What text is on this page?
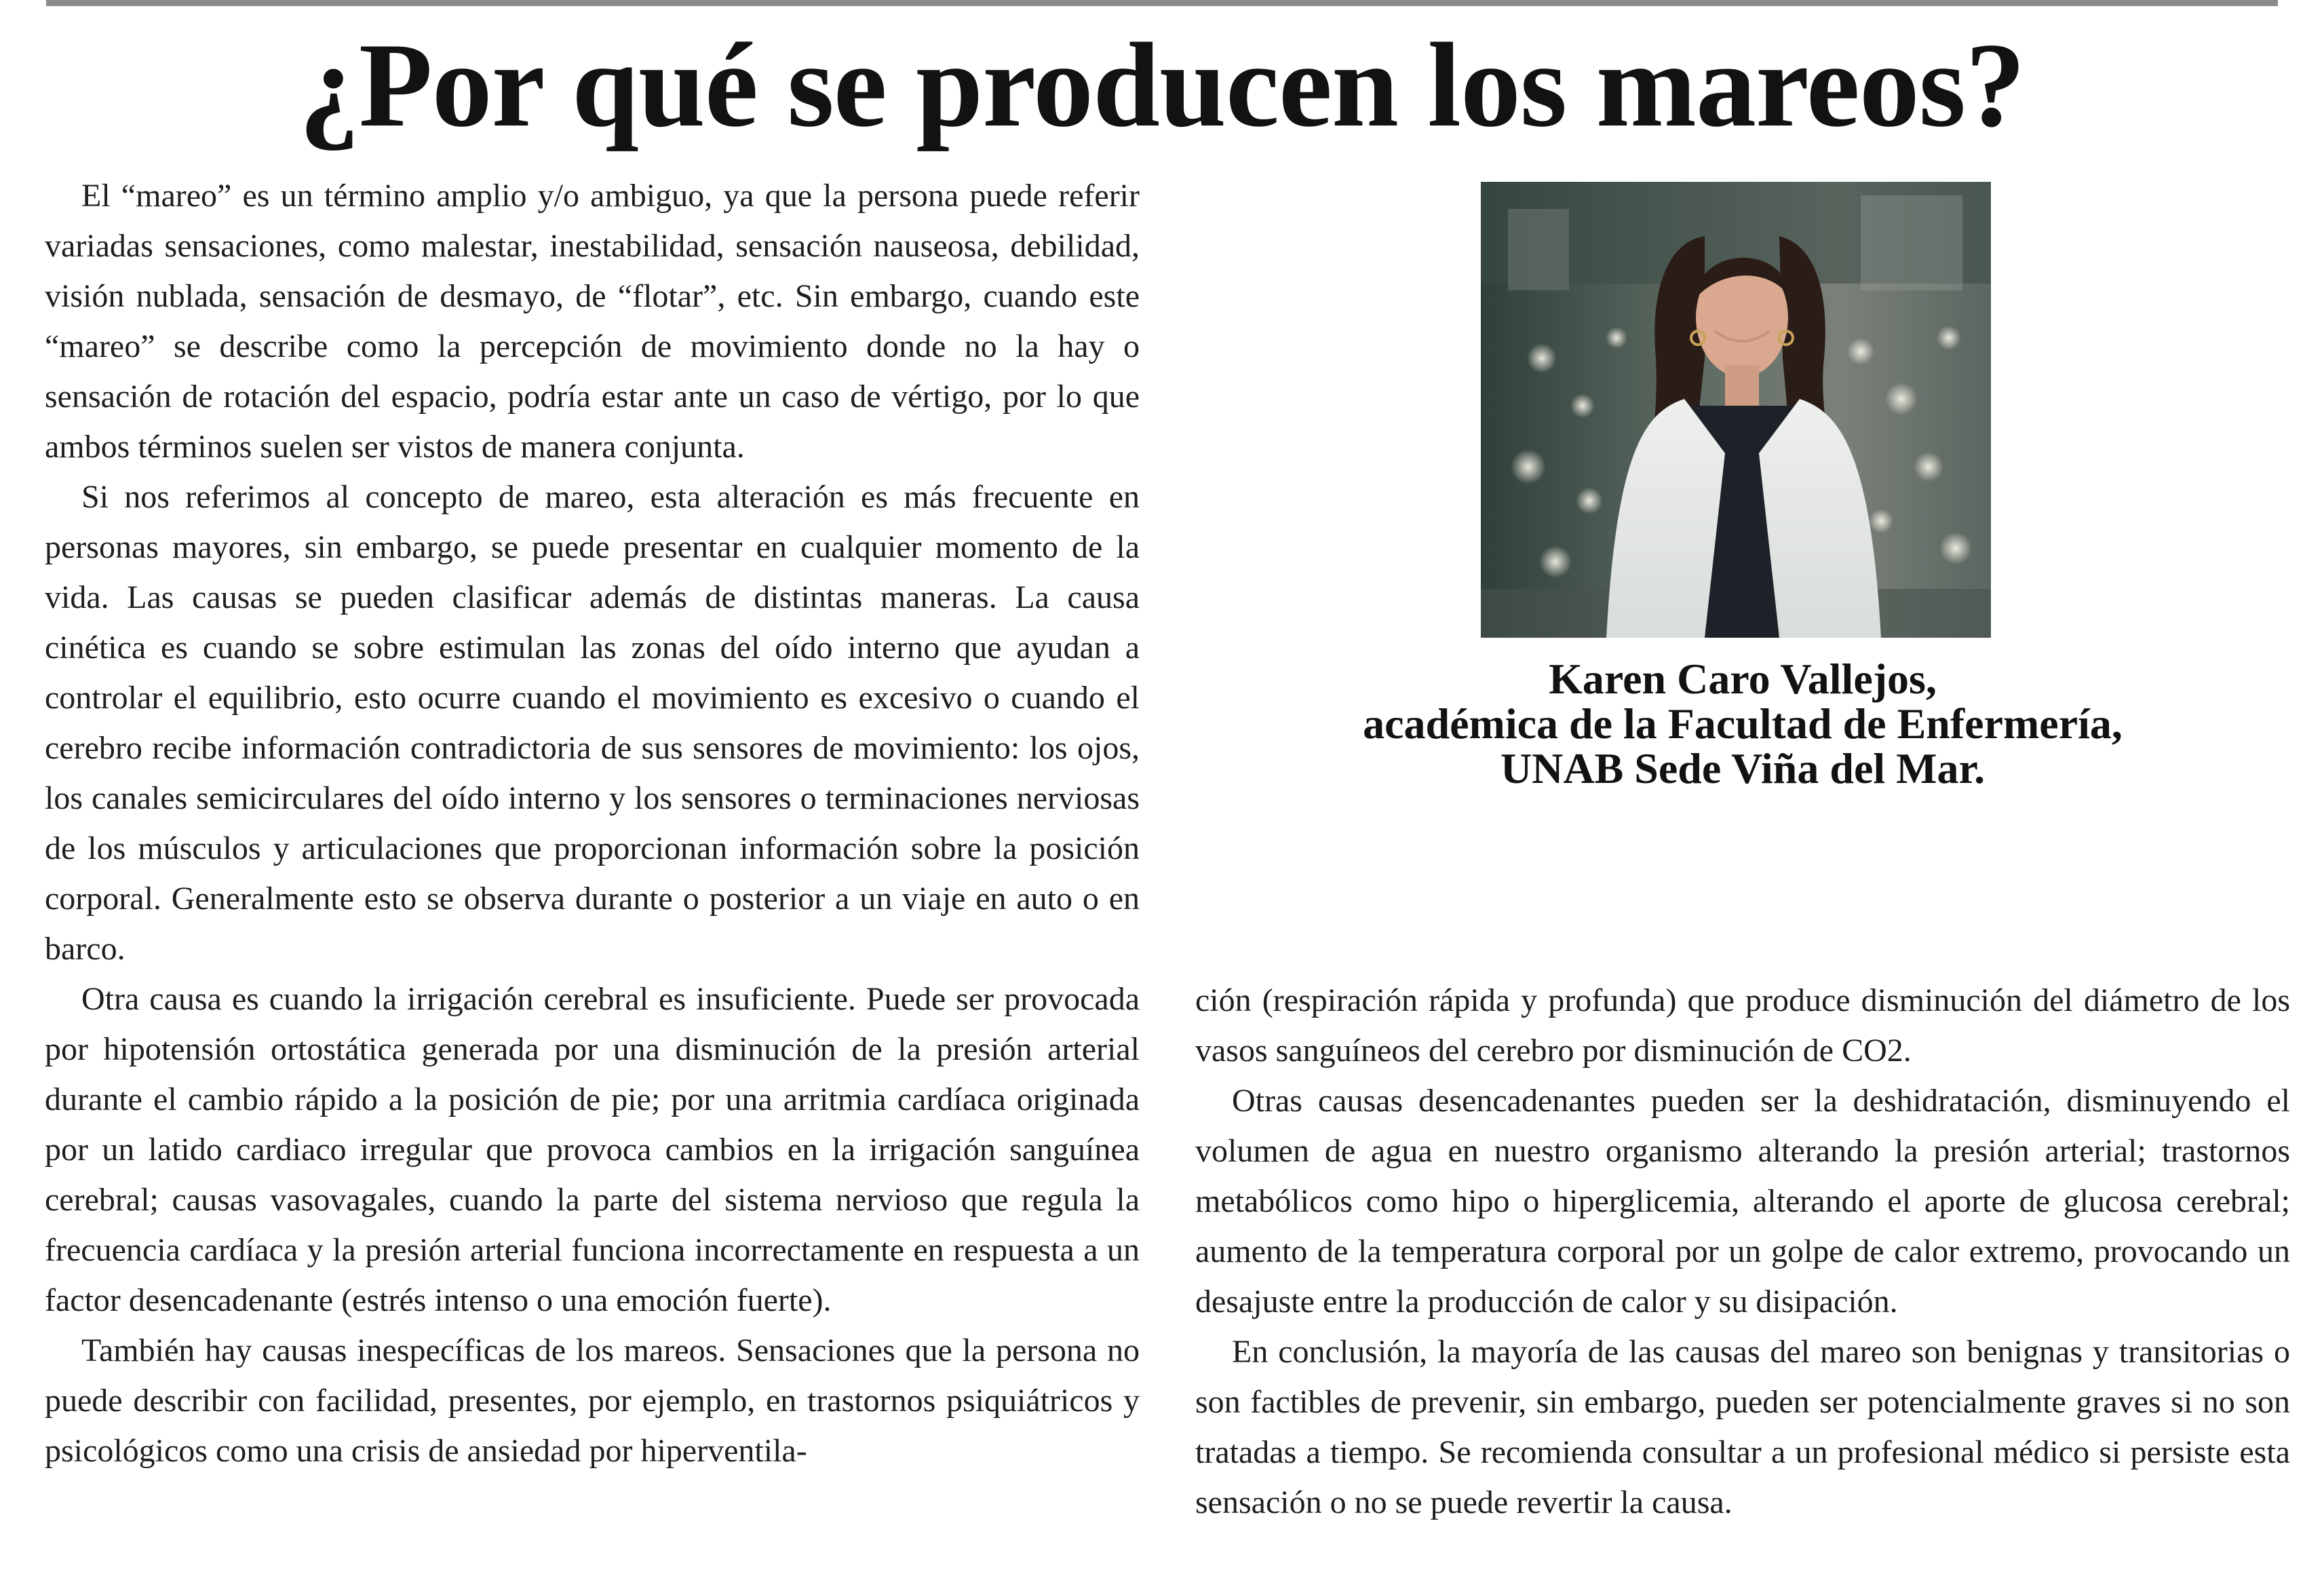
¿Por qué se producen los mareos?

El “mareo” es un término amplio y/o ambiguo, ya que la persona puede referir variadas sensaciones, como malestar, inestabilidad, sensación nauseosa, debilidad, visión nublada, sensación de desmayo, de “flotar”, etc. Sin embargo, cuando este “mareo” se describe como la percepción de movimiento donde no la hay o sensación de rotación del espacio, podría estar ante un caso de vértigo, por lo que ambos términos suelen ser vistos de manera conjunta.

Si nos referimos al concepto de mareo, esta alteración es más frecuente en personas mayores, sin embargo, se puede presentar en cualquier momento de la vida. Las causas se pueden clasificar además de distintas maneras. La causa cinética es cuando se sobre estimulan las zonas del oído interno que ayudan a controlar el equilibrio, esto ocurre cuando el movimiento es excesivo o cuando el cerebro recibe información contradictoria de sus sensores de movimiento: los ojos, los canales semicirculares del oído interno y los sensores o terminaciones nerviosas de los músculos y articulaciones que proporcionan información sobre la posición corporal. Generalmente esto se observa durante o posterior a un viaje en auto o en barco.

Otra causa es cuando la irrigación cerebral es insuficiente. Puede ser provocada por hipotensión ortostática generada por una disminución de la presión arterial durante el cambio rápido a la posición de pie; por una arritmia cardíaca originada por un latido cardiaco irregular que provoca cambios en la irrigación sanguínea cerebral; causas vasovagales, cuando la parte del sistema nervioso que regula la frecuencia cardíaca y la presión arterial funciona incorrectamente en respuesta a un factor desencadenante (estrés intenso o una emoción fuerte).

También hay causas inespecíficas de los mareos. Sensaciones que la persona no puede describir con facilidad, presentes, por ejemplo, en trastornos psiquiátricos y psicológicos como una crisis de ansiedad por hiperventila-

Karen Caro Vallejos,
académica de la Facultad de Enfermería,
UNAB Sede Viña del Mar.

ción (respiración rápida y profunda) que produce disminución del diámetro de los vasos sanguíneos del cerebro por disminución de CO2.

Otras causas desencadenantes pueden ser la deshidratación, disminuyendo el volumen de agua en nuestro organismo alterando la presión arterial; trastornos metabólicos como hipo o hiperglicemia, alterando el aporte de glucosa cerebral; aumento de la temperatura corporal por un golpe de calor extremo, provocando un desajuste entre la producción de calor y su disipación.

En conclusión, la mayoría de las causas del mareo son benignas y transitorias o son factibles de prevenir, sin embargo, pueden ser potencialmente graves si no son tratadas a tiempo. Se recomienda consultar a un profesional médico si persiste esta sensación o no se puede revertir la causa.
